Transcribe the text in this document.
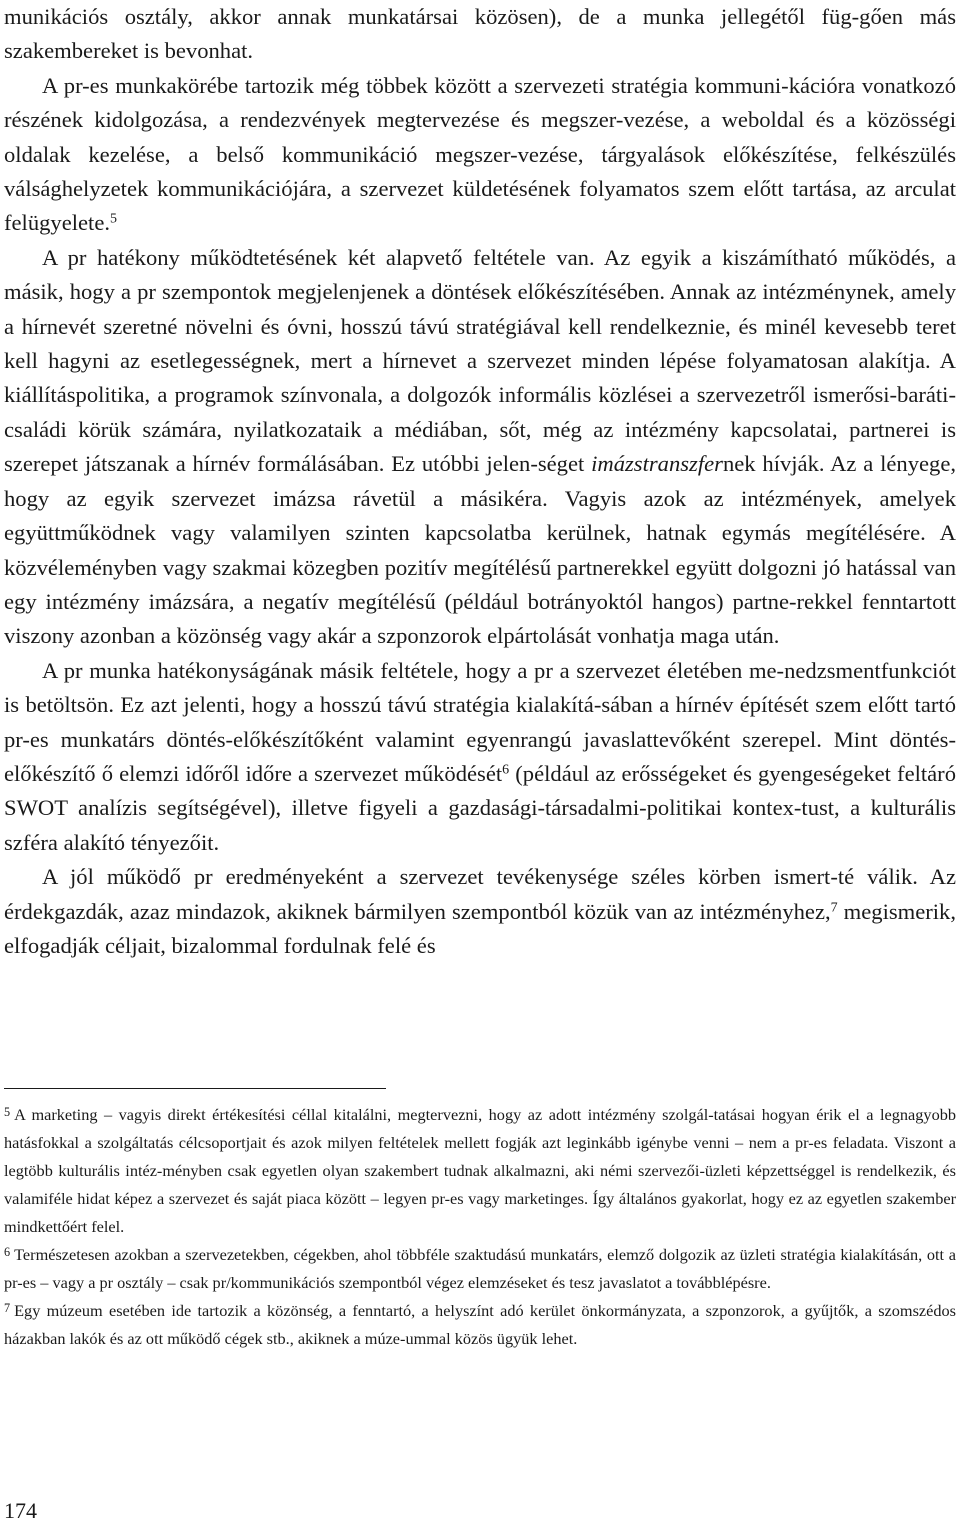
munikációs osztály, akkor annak munkatársai közösen), de a munka jellegétől füg-gően más szakembereket is bevonhat.

A pr-es munkakörébe tartozik még többek között a szervezeti stratégia kommuni-kációra vonatkozó részének kidolgozása, a rendezvények megtervezése és megszer-vezése, a weboldal és a közösségi oldalak kezelése, a belső kommunikáció megszer-vezése, tárgyalások előkészítése, felkészülés válsághelyzetek kommunikációjára, a szervezet küldetésének folyamatos szem előtt tartása, az arculat felügyelete.$^5$

A pr hatékony működtetésének két alapvető feltétele van. Az egyik a kiszámítható működés, a másik, hogy a pr szempontok megjelenjenek a döntések előkészítésében. Annak az intézménynek, amely a hírnevét szeretné növelni és óvni, hosszú távú stratégiával kell rendelkeznie, és minél kevesebb teret kell hagyni az esetlegességnek, mert a hírnevet a szervezet minden lépése folyamatosan alakítja. A kiállításpolitika, a programok színvonala, a dolgozók informális közlései a szervezetről ismerősi-baráti-családi körük számára, nyilatkozataik a médiában, sőt, még az intézmény kapcsolatai, partnerei is szerepet játszanak a hírnév formálásában. Ez utóbbi jelen-séget imázstranszfernek hívják. Az a lényege, hogy az egyik szervezet imázsa rávetül a másikéra. Vagyis azok az intézmények, amelyek együttműködnek vagy valamilyen szinten kapcsolatba kerülnek, hatnak egymás megítélésére. A közvéleményben vagy szakmai közegben pozitív megítélésű partnerekkel együtt dolgozni jó hatással van egy intézmény imázsára, a negatív megítélésű (például botrányoktól hangos) partne-rekkel fenntartott viszony azonban a közönség vagy akár a szponzorok elpártolását vonhatja maga után.

A pr munka hatékonyságának másik feltétele, hogy a pr a szervezet életében me-nedzsmentfunkciót is betöltsön. Ez azt jelenti, hogy a hosszú távú stratégia kialakítá-sában a hírnév építését szem előtt tartó pr-es munkatárs döntés-előkészítőként valamint egyenrangú javaslattevőként szerepel. Mint döntés-előkészítő ő elemzi időről időre a szervezet működését$^6$ (például az erősségeket és gyengeségeket feltáró SWOT analízis segítségével), illetve figyeli a gazdasági-társadalmi-politikai kontex-tust, a kulturális szféra alakító tényezőit.

A jól működő pr eredményeként a szervezet tevékenysége széles körben ismert-té válik. Az érdekgazdák, azaz mindazok, akiknek bármilyen szempontból közük van az intézményhez,$^7$ megismerik, elfogadják céljait, bizalommal fordulnak felé és

$^5$ A marketing – vagyis direkt értékesítési céllal kitalálni, megtervezni, hogy az adott intézmény szolgál-tatásai hogyan érik el a legnagyobb hatásfokkal a szolgáltatás célcsoportjait és azok milyen feltételek mellett fogják azt leginkább igénybe venni – nem a pr-es feladata. Viszont a legtöbb kulturális intéz-ményben csak egyetlen olyan szakembert tudnak alkalmazni, aki némi szervezői-üzleti képzettséggel is rendelkezik, és valamiféle hidat képez a szervezet és saját piaca között – legyen pr-es vagy marketinges. Így általános gyakorlat, hogy ez az egyetlen szakember mindkettőért felel.

$^6$ Természetesen azokban a szervezetekben, cégekben, ahol többféle szaktudású munkatárs, elemző dolgozik az üzleti stratégia kialakításán, ott a pr-es – vagy a pr osztály – csak pr/kommunikációs szempontból végez elemzéseket és tesz javaslatot a továbblépésre.

$^7$ Egy múzeum esetében ide tartozik a közönség, a fenntartó, a helyszínt adó kerület önkormányzata, a szponzorok, a gyűjtők, a szomszédos házakban lakók és az ott működő cégek stb., akiknek a múze-ummal közös ügyük lehet.

174
